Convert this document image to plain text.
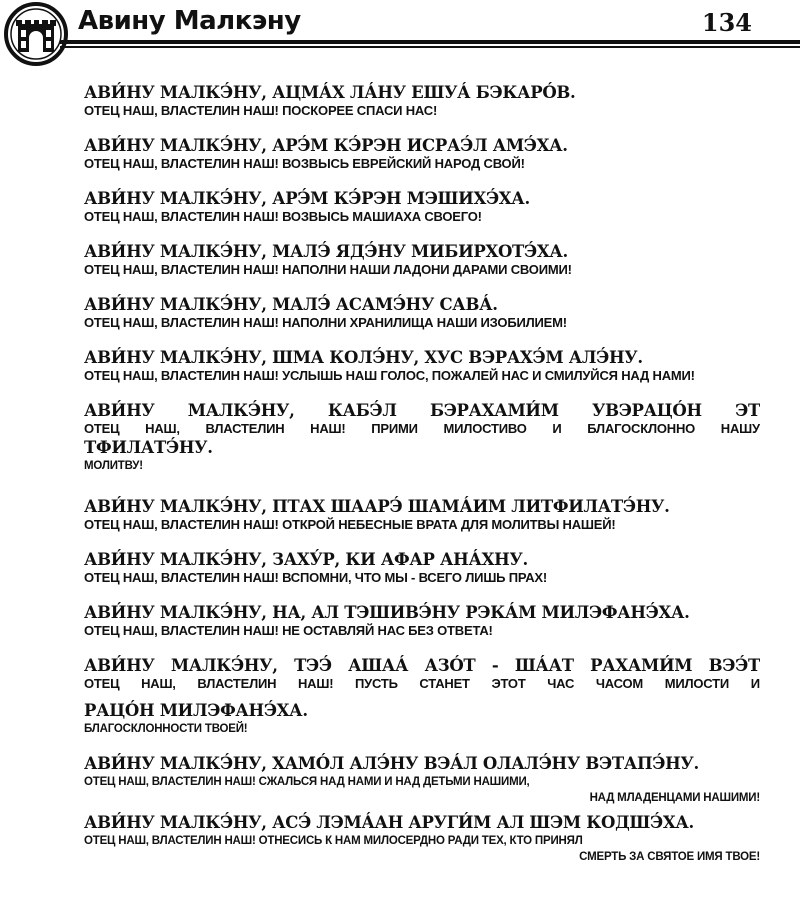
Авину Малкэну	134
АВИ́НУ МАЛКЭ́НУ, АЦМА́Х ЛА́НУ ЕШУА́ БЭКАРО́В.
ОТЕЦ НАШ, ВЛАСТЕЛИН НАШ! ПОСКОРЕЕ СПАСИ НАС!
АВИ́НУ МАЛКЭ́НУ, АРЭ́М КЭ́РЭН ИСРАЭ́Л АМЭ́ХА.
ОТЕЦ НАШ, ВЛАСТЕЛИН НАШ! ВОЗВЫСЬ ЕВРЕЙСКИЙ НАРОД СВОЙ!
АВИ́НУ МАЛКЭ́НУ, АРЭ́М КЭ́РЭН МЭШИХЭ́ХА.
ОТЕЦ НАШ, ВЛАСТЕЛИН НАШ! ВОЗВЫСЬ МАШИАХА СВОЕГО!
АВИ́НУ МАЛКЭ́НУ, МАЛЭ́ ЯДЭ́НУ МИБИРХОТЭ́ХА.
ОТЕЦ НАШ, ВЛАСТЕЛИН НАШ! НАПОЛНИ НАШИ ЛАДОНИ ДАРАМИ СВОИМИ!
АВИ́НУ МАЛКЭ́НУ, МАЛЭ́ АСАМЭ́НУ САВА́.
ОТЕЦ НАШ, ВЛАСТЕЛИН НАШ! НАПОЛНИ ХРАНИЛИЩА НАШИ ИЗОБИЛИЕМ!
АВИ́НУ МАЛКЭ́НУ, ШМА КОЛЭ́НУ, ХУС ВЭРАХЭ́М АЛЭ́НУ.
ОТЕЦ НАШ, ВЛАСТЕЛИН НАШ! УСЛЫШЬ НАШ ГОЛОС, ПОЖАЛЕЙ НАС И СМИЛУЙСЯ НАД НАМИ!
АВИ́НУ МАЛКЭ́НУ, КАБЭ́Л БЭРАХАМИ́М УВЭРАЦО́Н ЭТ
ОТЕЦ НАШ, ВЛАСТЕЛИН НАШ! ПРИМИ МИЛОСТИВО И БЛАГОСКЛОННО НАШУ
ТФИЛАТЭ́НУ.
МОЛИТВУ!
АВИ́НУ МАЛКЭ́НУ, ПТАХ ШААРЭ́ ШАМА́ИМ ЛИТФИЛАТЭ́НУ.
ОТЕЦ НАШ, ВЛАСТЕЛИН НАШ! ОТКРОЙ НЕБЕСНЫЕ ВРАТА ДЛЯ МОЛИТВЫ НАШЕЙ!
АВИ́НУ МАЛКЭ́НУ, ЗАХУ́Р, КИ АФАР АНА́ХНУ.
ОТЕЦ НАШ, ВЛАСТЕЛИН НАШ! ВСПОМНИ, ЧТО МЫ - ВСЕГО ЛИШЬ ПРАХ!
АВИ́НУ МАЛКЭ́НУ, НА, АЛ ТЭШИВЭ́НУ РЭКА́М МИЛЭФАНЭ́ХА.
ОТЕЦ НАШ, ВЛАСТЕЛИН НАШ! НЕ ОСТАВЛЯЙ НАС БЕЗ ОТВЕТА!
АВИ́НУ МАЛКЭ́НУ, ТЭЭ́ АШАА́ АЗО́Т - ША́АТ РАХАМИ́М ВЭЭ́Т
ОТЕЦ НАШ, ВЛАСТЕЛИН НАШ! ПУСТЬ СТАНЕТ ЭТОТ ЧАС ЧАСОМ МИЛОСТИ И
РАЦО́Н МИЛЭФАНЭ́ХА.
БЛАГОСКЛОННОСТИ ТВОЕЙ!
АВИ́НУ МАЛКЭ́НУ, ХАМО́Л АЛЭ́НУ ВЭА́Л ОЛАЛЭ́НУ ВЭТАПЭ́НУ.
ОТЕЦ НАШ, ВЛАСТЕЛИН НАШ! СЖАЛЬСЯ НАД НАМИ И НАД ДЕТЬМИ НАШИМИ,
НАД МЛАДЕНЦАМИ НАШИМИ!
АВИ́НУ МАЛКЭ́НУ, АСЭ́ ЛЭМА́АН АРУГИ́М АЛ ШЭМ КОДШЭ́ХА.
ОТЕЦ НАШ, ВЛАСТЕЛИН НАШ! ОТНЕСИСЬ К НАМ МИЛОСЕРДНО РАДИ ТЕХ, КТО ПРИНЯЛ
СМЕРТЬ ЗА СВЯТОЕ ИМЯ ТВОЕ!
